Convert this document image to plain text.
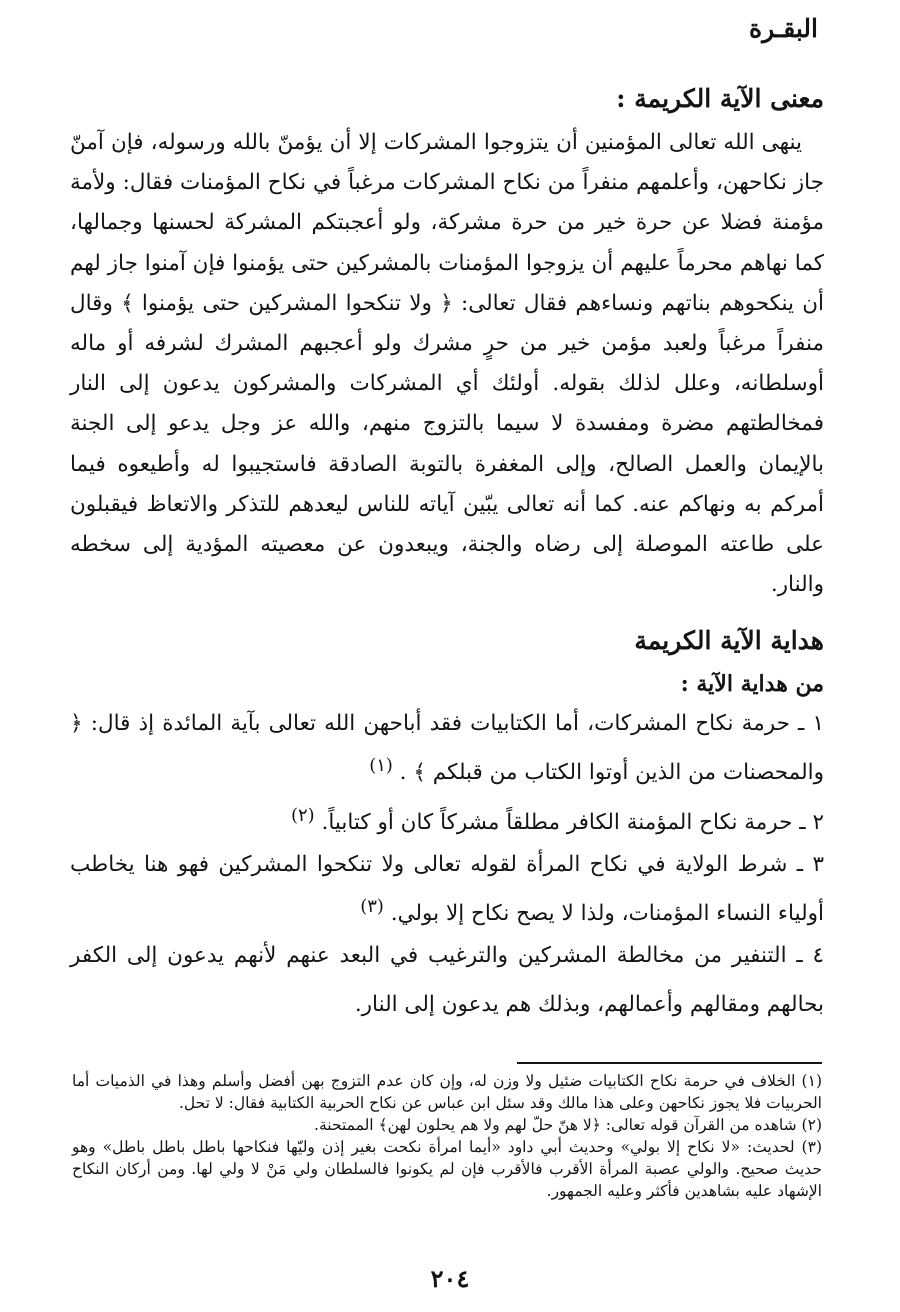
البقـرة
معنى الآية الكريمة :

ينهى الله تعالى المؤمنين أن يتزوجوا المشركات إلا أن يؤمنّ بالله ورسوله، فإن آمنّ جاز نكاحهن، وأعلمهم منفراً من نكاح المشركات مرغباً في نكاح المؤمنات فقال: ولأمة مؤمنة فضلا عن حرة خير من حرة مشركة، ولو أعجبتكم المشركة لحسنها وجمالها، كما نهاهم محرماً عليهم أن يزوجوا المؤمنات بالمشركين حتى يؤمنوا فإن آمنوا جاز لهم أن ينكحوهم بناتهم ونساءهم فقال تعالى: ﴿ ولا تنكحوا المشركين حتى يؤمنوا ﴾ وقال منفراً مرغباً ولعبد مؤمن خير من حرٍ مشرك ولو أعجبهم المشرك لشرفه أو ماله أوسلطانه، وعلل لذلك بقوله. أولئك أي المشركات والمشركون يدعون إلى النار فمخالطتهم مضرة ومفسدة لا سيما بالتزوج منهم، والله عز وجل يدعو إلى الجنة بالإيمان والعمل الصالح، وإلى المغفرة بالتوبة الصادقة فاستجيبوا له وأطيعوه فيما أمركم به ونهاكم عنه. كما أنه تعالى يبّين آياته للناس ليعدهم للتذكر والاتعاظ فيقبلون على طاعته الموصلة إلى رضاه والجنة، ويبعدون عن معصيته المؤدية إلى سخطه والنار.

هداية الآية الكريمة
من هداية الآية :

١ ـ حرمة نكاح المشركات، أما الكتابيات فقد أباحهن الله تعالى بآية المائدة إذ قال: ﴿ والمحصنات من الذين أوتوا الكتاب من قبلكم ﴾ . $^{(١)}$

٢ ـ حرمة نكاح المؤمنة الكافر مطلقاً مشركاً كان أو كتابياً. $^{(٢)}$

٣ ـ شرط الولاية في نكاح المرأة لقوله تعالى ولا تنكحوا المشركين فهو هنا يخاطب أولياء النساء المؤمنات، ولذا لا يصح نكاح إلا بولي. $^{(٣)}$

٤ ـ التنفير من مخالطة المشركين والترغيب في البعد عنهم لأنهم يدعون إلى الكفر بحالهم ومقالهم وأعمالهم، وبذلك هم يدعون إلى النار.

(١) الخلاف في حرمة نكاح الكتابيات ضئيل ولا وزن له، وإن كان عدم التزوج بهن أفضل وأسلم وهذا في الذميات أما الحربيات فلا يجوز نكاحهن وعلى هذا مالك وقد سئل ابن عباس عن نكاح الحربية الكتابية فقال: لا تحل.

(٢) شاهده من القرآن قوله تعالى: ﴿لا هنّ حلّ لهم ولا هم يحلون لهن﴾ الممتحنة.

(٣) لحديث: «لا نكاح إلا بولي» وحديث أبي داود «أيما امرأة نكحت بغير إذن وليّها فنكاحها باطل باطل باطل» وهو حديث صحيح. والولي عصبة المرأة الأقرب فالأقرب فإن لم يكونوا فالسلطان ولي مَنْ لا ولي لها. ومن أركان النكاح الإشهاد عليه بشاهدين فأكثر وعليه الجمهور.

٢٠٤
